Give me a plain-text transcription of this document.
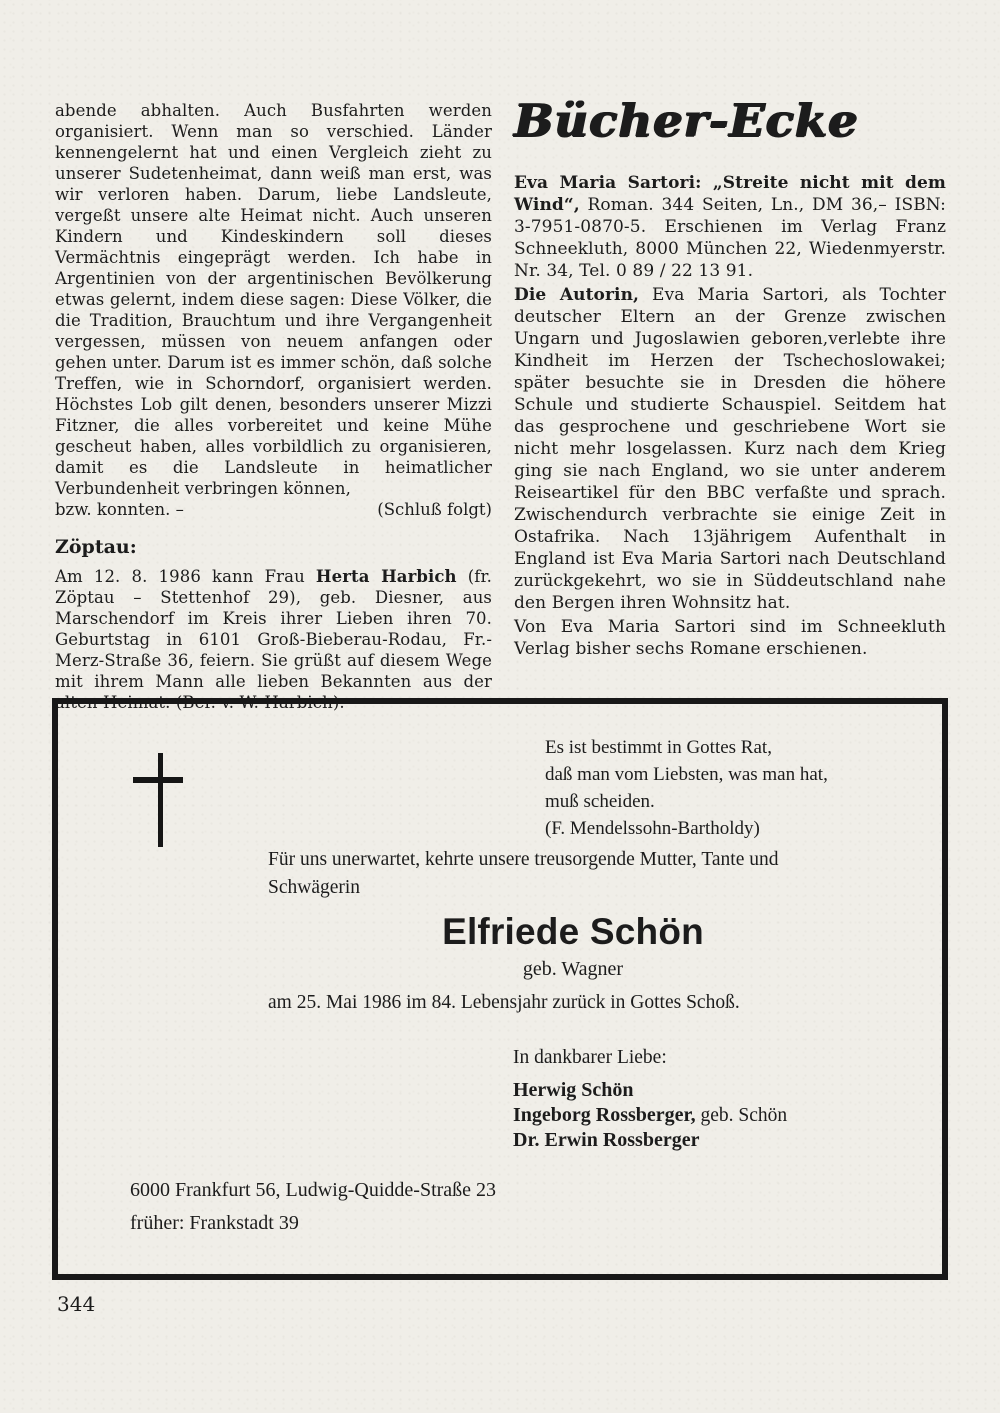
abende abhalten. Auch Busfahrten werden organisiert. Wenn man so verschied. Länder kennengelernt hat und einen Vergleich zieht zu unserer Sudetenheimat, dann weiß man erst, was wir verloren haben. Darum, liebe Landsleute, vergeßt unsere alte Heimat nicht. Auch unseren Kindern und Kindeskindern soll dieses Vermächtnis eingeprägt werden. Ich habe in Argentinien von der argentinischen Bevölkerung etwas gelernt, indem diese sagen: Diese Völker, die die Tradition, Brauchtum und ihre Vergangenheit vergessen, müssen von neuem anfangen oder gehen unter. Darum ist es immer schön, daß solche Treffen, wie in Schorndorf, organisiert werden. Höchstes Lob gilt denen, besonders unserer Mizzi Fitzner, die alles vorbereitet und keine Mühe gescheut haben, alles vorbildlich zu organisieren, damit es die Landsleute in heimatlicher Verbundenheit verbringen können,

bzw. konnten. –	(Schluß folgt)
Zöptau:

Am 12. 8. 1986 kann Frau Herta Harbich (fr. Zöptau – Stettenhof 29), geb. Diesner, aus Marschendorf im Kreis ihrer Lieben ihren 70. Geburtstag in 6101 Groß-Bieberau-Rodau, Fr.-Merz-Straße 36, feiern. Sie grüßt auf diesem Wege mit ihrem Mann alle lieben Bekannten aus der alten Heimat. (Ber. v. W. Harbich).

Bücher-Ecke

Eva Maria Sartori: „Streite nicht mit dem Wind“, Roman. 344 Seiten, Ln., DM 36,– ISBN: 3-7951-0870-5. Erschienen im Verlag Franz Schneekluth, 8000 München 22, Wiedenmyerstr. Nr. 34, Tel. 0 89 / 22 13 91.

Die Autorin, Eva Maria Sartori, als Tochter deutscher Eltern an der Grenze zwischen Ungarn und Jugoslawien geboren,verlebte ihre Kindheit im Herzen der Tschechoslowakei; später besuchte sie in Dresden die höhere Schule und studierte Schauspiel. Seitdem hat das gesprochene und geschriebene Wort sie nicht mehr losgelassen. Kurz nach dem Krieg ging sie nach England, wo sie unter anderem Reiseartikel für den BBC verfaßte und sprach. Zwischendurch verbrachte sie einige Zeit in Ostafrika. Nach 13jährigem Aufenthalt in England ist Eva Maria Sartori nach Deutschland zurückgekehrt, wo sie in Süddeutschland nahe den Bergen ihren Wohnsitz hat.

Von Eva Maria Sartori sind im Schneekluth Verlag bisher sechs Romane erschienen.

Es ist bestimmt in Gottes Rat,
daß man vom Liebsten, was man hat,
muß scheiden.
(F. Mendelssohn-Bartholdy)
Für uns unerwartet, kehrte unsere treusorgende Mutter, Tante und Schwägerin
Elfriede Schön
geb. Wagner
am 25. Mai 1986 im 84. Lebensjahr zurück in Gottes Schoß.
In dankbarer Liebe:
Herwig Schön
Ingeborg Rossberger, geb. Schön
Dr. Erwin Rossberger
6000 Frankfurt 56, Ludwig-Quidde-Straße 23
früher: Frankstadt 39
344
